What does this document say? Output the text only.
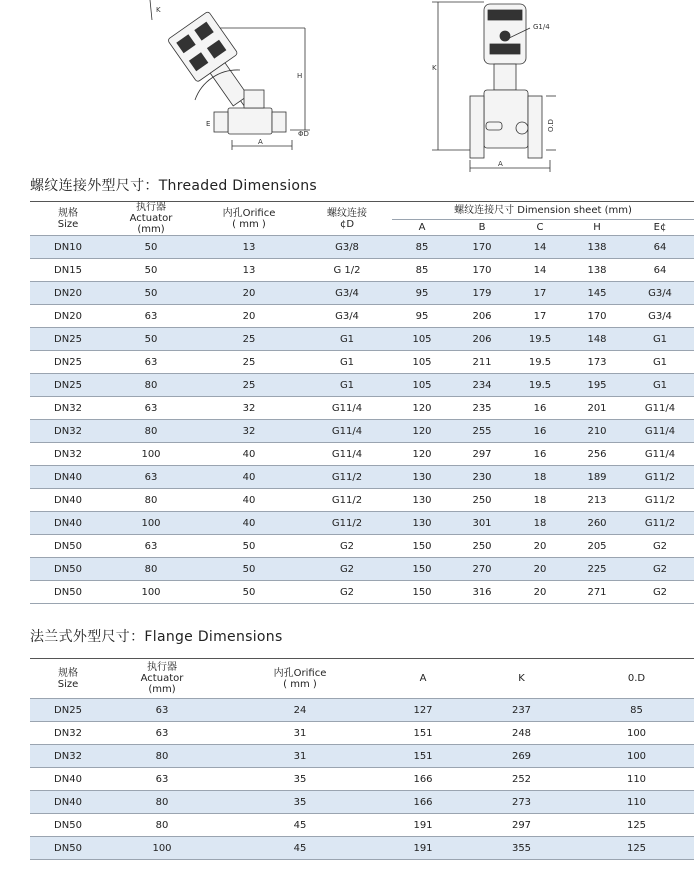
H
E
A
ΦD
K
G1/4
K
A
O.D
螺纹连接外型尺寸：Threaded Dimensions
规格
Size	执行器
Actuator
(mm)	内孔Orifice
( mm )	螺纹连接
¢D	螺纹连接尺寸 Dimension sheet (mm)				
				A	B	C	H	E¢
DN10	50	13	G3/8	85	170	14	138	64
DN15	50	13	G 1/2	85	170	14	138	64
DN20	50	20	G3/4	95	179	17	145	G3/4
DN20	63	20	G3/4	95	206	17	170	G3/4
DN25	50	25	G1	105	206	19.5	148	G1
DN25	63	25	G1	105	211	19.5	173	G1
DN25	80	25	G1	105	234	19.5	195	G1
DN32	63	32	G11/4	120	235	16	201	G11/4
DN32	80	32	G11/4	120	255	16	210	G11/4
DN32	100	40	G11/4	120	297	16	256	G11/4
DN40	63	40	G11/2	130	230	18	189	G11/2
DN40	80	40	G11/2	130	250	18	213	G11/2
DN40	100	40	G11/2	130	301	18	260	G11/2
DN50	63	50	G2	150	250	20	205	G2
DN50	80	50	G2	150	270	20	225	G2
DN50	100	50	G2	150	316	20	271	G2
法兰式外型尺寸：Flange Dimensions
规格
Size	执行器
Actuator
(mm)	内孔Orifice
( mm )	A	K	0.D
DN25	63	24	127	237	85
DN32	63	31	151	248	100
DN32	80	31	151	269	100
DN40	63	35	166	252	110
DN40	80	35	166	273	110
DN50	80	45	191	297	125
DN50	100	45	191	355	125
